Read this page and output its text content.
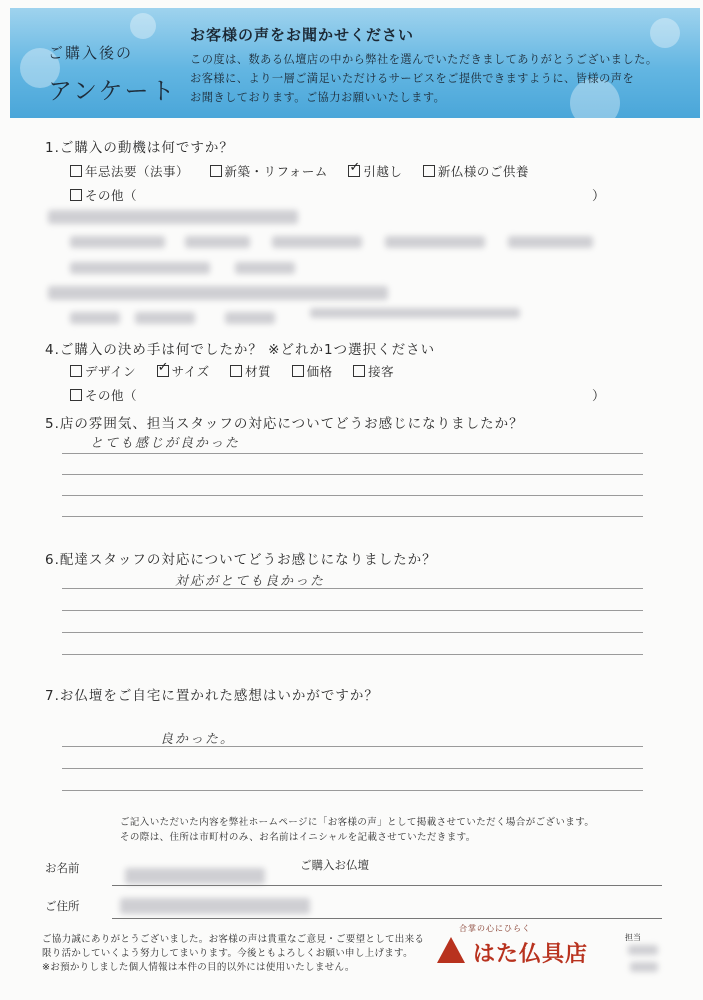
ご購入後の
アンケート
お客様の声をお聞かせください
この度は、数ある仏壇店の中から弊社を選んでいただきましてありがとうございました。
お客様に、より一層ご満足いただけるサービスをご提供できますように、皆様の声を
お聞きしております。ご協力お願いいたします。
1.ご購入の動機は何ですか？
年忌法要（法事）	新築・リフォーム ✓	引越し	新仏様のご供養
その他（	）
4.ご購入の決め手は何でしたか？ ※どれか1つ選択ください
デザイン ✓	サイズ	材質	価格	接客
その他（	）
5.店の雰囲気、担当スタッフの対応についてどうお感じになりましたか？
とても感じが良かった
6.配達スタッフの対応についてどうお感じになりましたか？
対応がとても良かった
7.お仏壇をご自宅に置かれた感想はいかがですか？
良かった。
ご記入いただいた内容を弊社ホームページに「お客様の声」として掲載させていただく場合がございます。
その際は、住所は市町村のみ、お名前はイニシャルを記載させていただきます。
お名前	ご購入お仏壇
ご住所
ご協力誠にありがとうございました。お客様の声は貴重なご意見・ご要望として出来る
限り活かしていくよう努力してまいります。今後ともよろしくお願い申し上げます。
※お預かりしました個人情報は本件の目的以外には使用いたしません。
合掌の心にひらく
はた仏具店
担当
